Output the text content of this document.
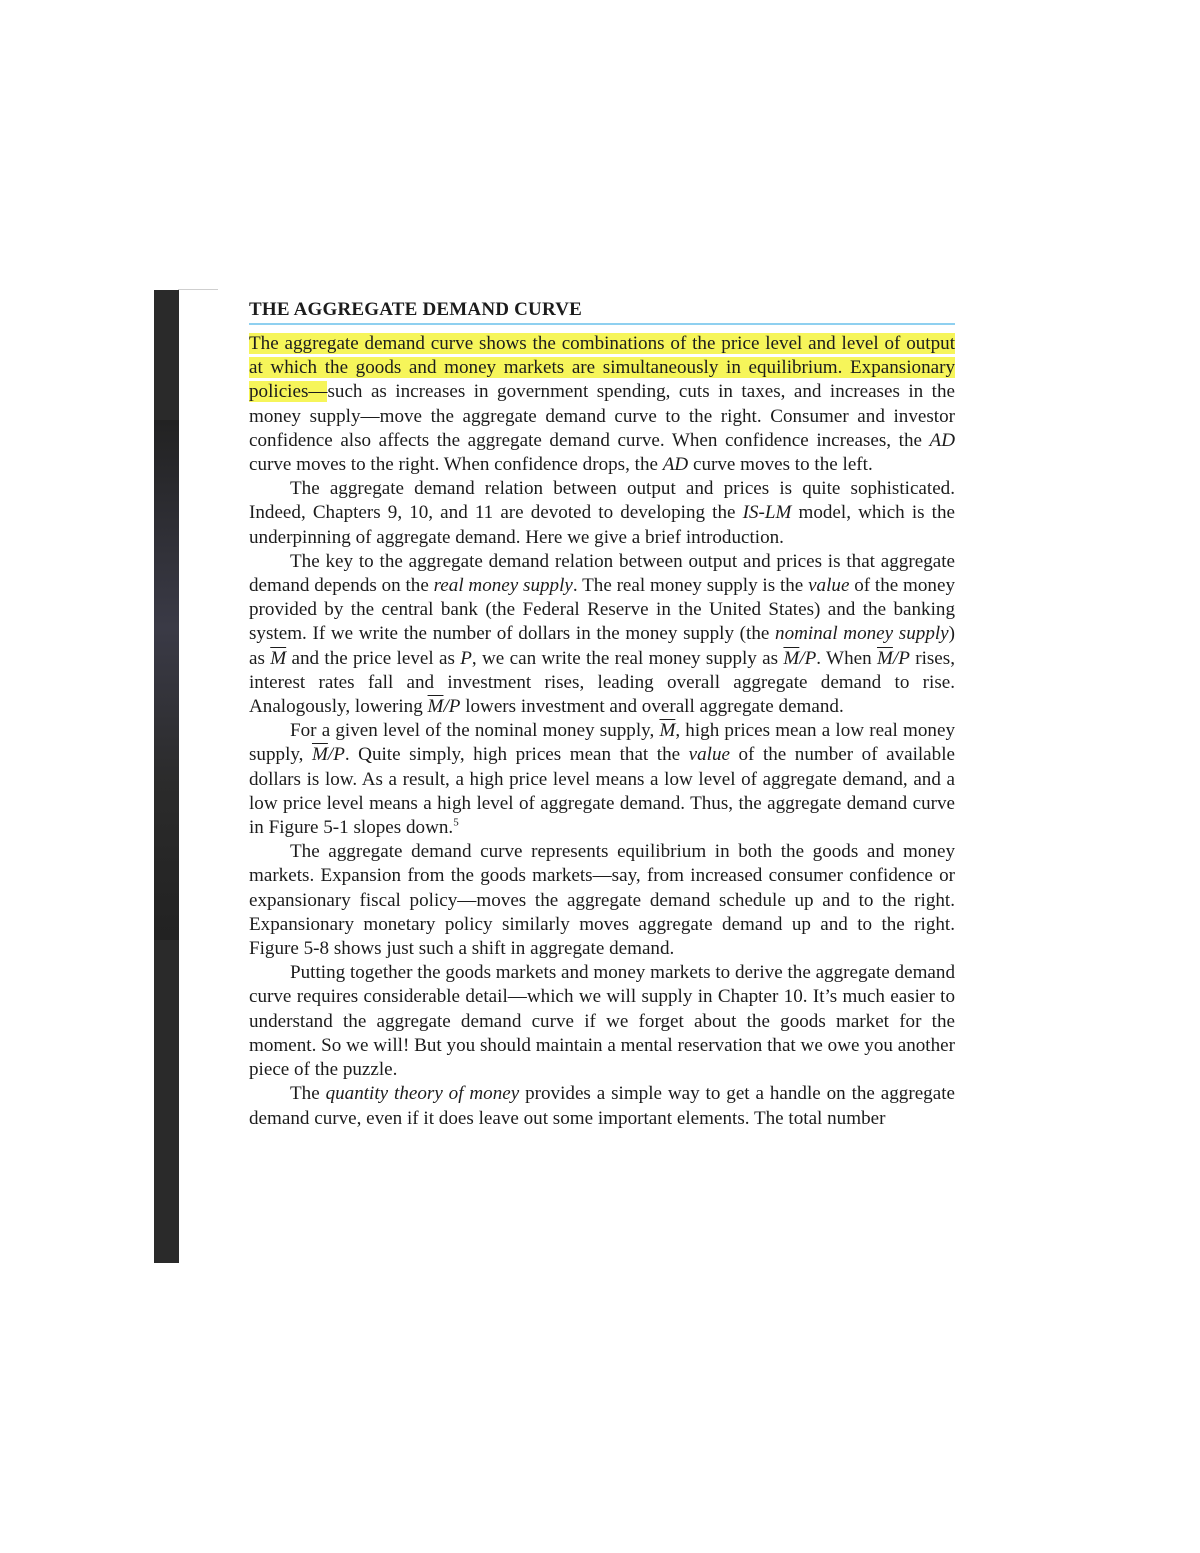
THE AGGREGATE DEMAND CURVE

The aggregate demand curve shows the combinations of the price level and level of output at which the goods and money markets are simultaneously in equilibrium. Expansionary policies—such as increases in government spending, cuts in taxes, and increases in the money supply—move the aggregate demand curve to the right. Consumer and investor confidence also affects the aggregate demand curve. When confidence increases, the AD curve moves to the right. When confidence drops, the AD curve moves to the left.

The aggregate demand relation between output and prices is quite sophisticated. Indeed, Chapters 9, 10, and 11 are devoted to developing the IS-LM model, which is the underpinning of aggregate demand. Here we give a brief introduction.

The key to the aggregate demand relation between output and prices is that aggregate demand depends on the real money supply. The real money supply is the value of the money provided by the central bank (the Federal Reserve in the United States) and the banking system. If we write the number of dollars in the money supply (the nominal money supply) as $\overline{M}$ and the price level as P, we can write the real money supply as $\overline{M}/P$. When $\overline{M}/P$ rises, interest rates fall and investment rises, leading overall aggregate demand to rise. Analogously, lowering $\overline{M}/P$ lowers investment and overall aggregate demand.

For a given level of the nominal money supply, $\overline{M}$, high prices mean a low real money supply, $\overline{M}/P$. Quite simply, high prices mean that the value of the number of available dollars is low. As a result, a high price level means a low level of aggregate demand, and a low price level means a high level of aggregate demand. Thus, the aggregate demand curve in Figure 5-1 slopes down.$^5$

The aggregate demand curve represents equilibrium in both the goods and money markets. Expansion from the goods markets—say, from increased consumer confidence or expansionary fiscal policy—moves the aggregate demand schedule up and to the right. Expansionary monetary policy similarly moves aggregate demand up and to the right. Figure 5-8 shows just such a shift in aggregate demand.

Putting together the goods markets and money markets to derive the aggregate demand curve requires considerable detail—which we will supply in Chapter 10. It’s much easier to understand the aggregate demand curve if we forget about the goods market for the moment. So we will! But you should maintain a mental reservation that we owe you another piece of the puzzle.

The quantity theory of money provides a simple way to get a handle on the aggregate demand curve, even if it does leave out some important elements. The total number
